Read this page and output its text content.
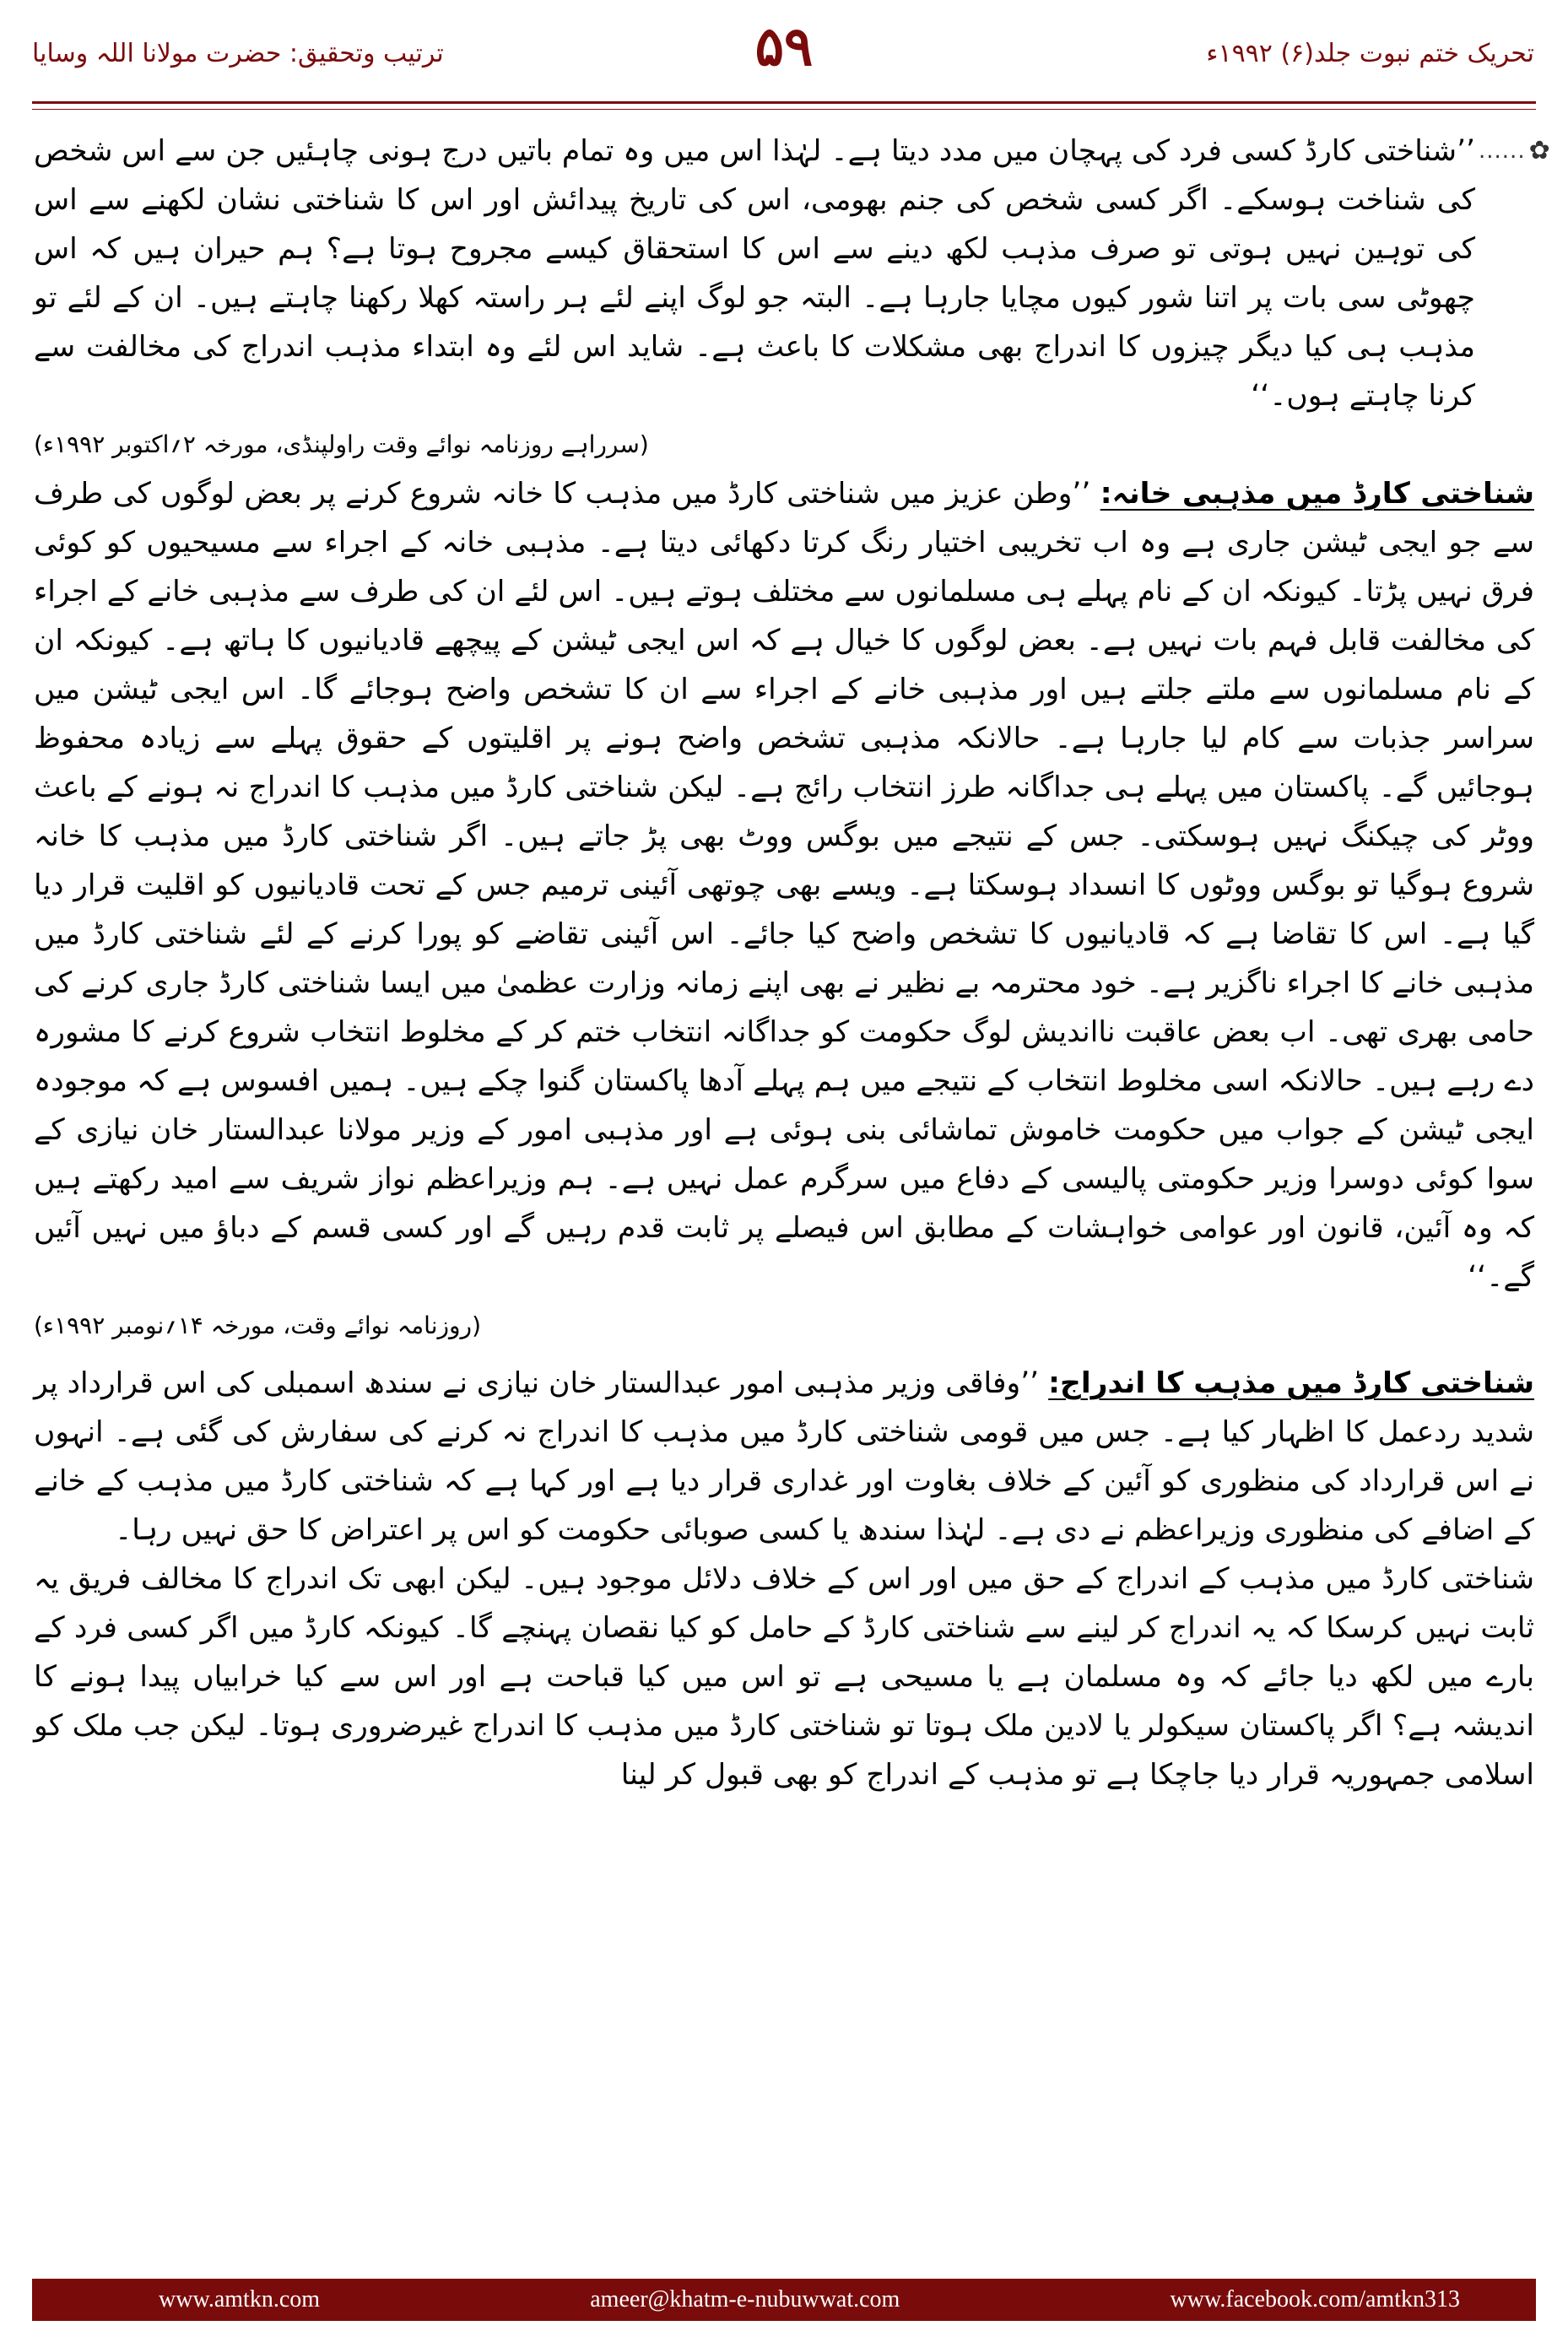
تحریک ختم نبوت جلد(۶) ۱۹۹۲ء
۵۹
ترتیب وتحقیق: حضرت مولانا اللہ وسایا

...... ✿
’’شناختی کارڈ کسی فرد کی پہچان میں مدد دیتا ہے۔ لہٰذا اس میں وہ تمام باتیں درج ہونی چاہئیں جن سے اس شخص کی شناخت ہوسکے۔ اگر کسی شخص کی جنم بھومی، اس کی تاریخ پیدائش اور اس کا شناختی نشان لکھنے سے اس کی توہین نہیں ہوتی تو صرف مذہب لکھ دینے سے اس کا استحقاق کیسے مجروح ہوتا ہے؟ ہم حیران ہیں کہ اس چھوٹی سی بات پر اتنا شور کیوں مچایا جارہا ہے۔ البتہ جو لوگ اپنے لئے ہر راستہ کھلا رکھنا چاہتے ہیں۔ ان کے لئے تو مذہب ہی کیا دیگر چیزوں کا اندراج بھی مشکلات کا باعث ہے۔ شاید اس لئے وہ ابتداء مذہب اندراج کی مخالفت سے کرنا چاہتے ہوں۔‘‘

(سرراہے روزنامہ نوائے وقت راولپنڈی، مورخہ ۲؍اکتوبر ۱۹۹۲ء)

شناختی کارڈ میں مذہبی خانہ: ’’وطن عزیز میں شناختی کارڈ میں مذہب کا خانہ شروع کرنے پر بعض لوگوں کی طرف سے جو ایجی ٹیشن جاری ہے وہ اب تخریبی اختیار رنگ کرتا دکھائی دیتا ہے۔ مذہبی خانہ کے اجراء سے مسیحیوں کو کوئی فرق نہیں پڑتا۔ کیونکہ ان کے نام پہلے ہی مسلمانوں سے مختلف ہوتے ہیں۔ اس لئے ان کی طرف سے مذہبی خانے کے اجراء کی مخالفت قابل فہم بات نہیں ہے۔ بعض لوگوں کا خیال ہے کہ اس ایجی ٹیشن کے پیچھے قادیانیوں کا ہاتھ ہے۔ کیونکہ ان کے نام مسلمانوں سے ملتے جلتے ہیں اور مذہبی خانے کے اجراء سے ان کا تشخص واضح ہوجائے گا۔ اس ایجی ٹیشن میں سراسر جذبات سے کام لیا جارہا ہے۔ حالانکہ مذہبی تشخص واضح ہونے پر اقلیتوں کے حقوق پہلے سے زیادہ محفوظ ہوجائیں گے۔ پاکستان میں پہلے ہی جداگانہ طرز انتخاب رائج ہے۔ لیکن شناختی کارڈ میں مذہب کا اندراج نہ ہونے کے باعث ووٹر کی چیکنگ نہیں ہوسکتی۔ جس کے نتیجے میں بوگس ووٹ بھی پڑ جاتے ہیں۔ اگر شناختی کارڈ میں مذہب کا خانہ شروع ہوگیا تو بوگس ووٹوں کا انسداد ہوسکتا ہے۔ ویسے بھی چوتھی آئینی ترمیم جس کے تحت قادیانیوں کو اقلیت قرار دیا گیا ہے۔ اس کا تقاضا ہے کہ قادیانیوں کا تشخص واضح کیا جائے۔ اس آئینی تقاضے کو پورا کرنے کے لئے شناختی کارڈ میں مذہبی خانے کا اجراء ناگزیر ہے۔ خود محترمہ بے نظیر نے بھی اپنے زمانہ وزارت عظمیٰ میں ایسا شناختی کارڈ جاری کرنے کی حامی بھری تھی۔ اب بعض عاقبت نااندیش لوگ حکومت کو جداگانہ انتخاب ختم کر کے مخلوط انتخاب شروع کرنے کا مشورہ دے رہے ہیں۔ حالانکہ اسی مخلوط انتخاب کے نتیجے میں ہم پہلے آدھا پاکستان گنوا چکے ہیں۔ ہمیں افسوس ہے کہ موجودہ ایجی ٹیشن کے جواب میں حکومت خاموش تماشائی بنی ہوئی ہے اور مذہبی امور کے وزیر مولانا عبدالستار خان نیازی کے سوا کوئی دوسرا وزیر حکومتی پالیسی کے دفاع میں سرگرم عمل نہیں ہے۔ ہم وزیراعظم نواز شریف سے امید رکھتے ہیں کہ وہ آئین، قانون اور عوامی خواہشات کے مطابق اس فیصلے پر ثابت قدم رہیں گے اور کسی قسم کے دباؤ میں نہیں آئیں گے۔‘‘

(روزنامہ نوائے وقت، مورخہ ۱۴؍نومبر ۱۹۹۲ء)

شناختی کارڈ میں مذہب کا اندراج: ’’وفاقی وزیر مذہبی امور عبدالستار خان نیازی نے سندھ اسمبلی کی اس قرارداد پر شدید ردعمل کا اظہار کیا ہے۔ جس میں قومی شناختی کارڈ میں مذہب کا اندراج نہ کرنے کی سفارش کی گئی ہے۔ انہوں نے اس قرارداد کی منظوری کو آئین کے خلاف بغاوت اور غداری قرار دیا ہے اور کہا ہے کہ شناختی کارڈ میں مذہب کے خانے کے اضافے کی منظوری وزیراعظم نے دی ہے۔ لہٰذا سندھ یا کسی صوبائی حکومت کو اس پر اعتراض کا حق نہیں رہا۔

شناختی کارڈ میں مذہب کے اندراج کے حق میں اور اس کے خلاف دلائل موجود ہیں۔ لیکن ابھی تک اندراج کا مخالف فریق یہ ثابت نہیں کرسکا کہ یہ اندراج کر لینے سے شناختی کارڈ کے حامل کو کیا نقصان پہنچے گا۔ کیونکہ کارڈ میں اگر کسی فرد کے بارے میں لکھ دیا جائے کہ وہ مسلمان ہے یا مسیحی ہے تو اس میں کیا قباحت ہے اور اس سے کیا خرابیاں پیدا ہونے کا اندیشہ ہے؟ اگر پاکستان سیکولر یا لادین ملک ہوتا تو شناختی کارڈ میں مذہب کا اندراج غیرضروری ہوتا۔ لیکن جب ملک کو اسلامی جمہوریہ قرار دیا جاچکا ہے تو مذہب کے اندراج کو بھی قبول کر لینا

www.amtkn.com	ameer@khatm-e-nubuwwat.com	www.facebook.com/amtkn313
